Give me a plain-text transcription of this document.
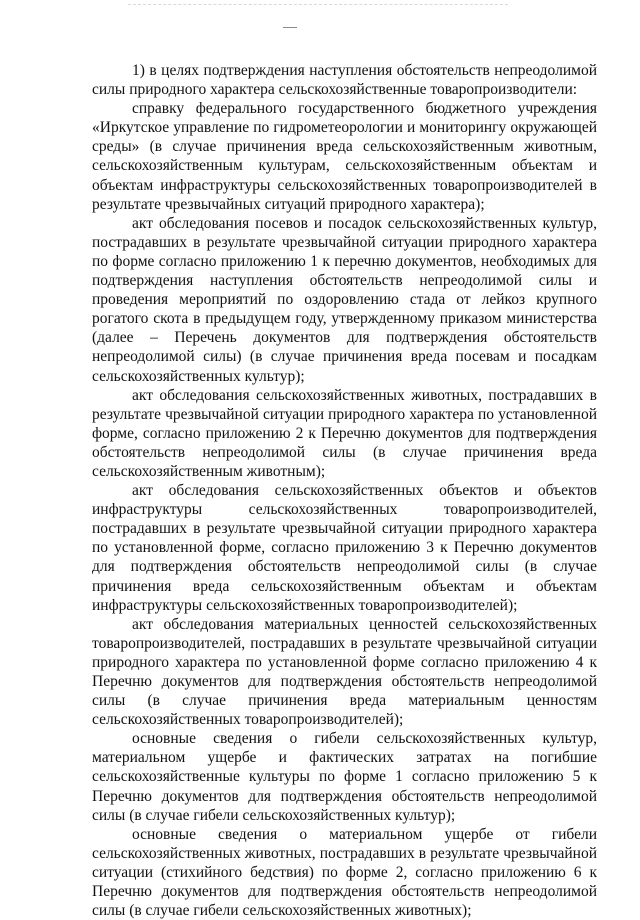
1) в целях подтверждения наступления обстоятельств непреодолимой силы природного характера сельскохозяйственные товаропроизводители:

справку федерального государственного бюджетного учреждения «Иркутское управление по гидрометеорологии и мониторингу окружающей среды» (в случае причинения вреда сельскохозяйственным животным, сельскохозяйственным культурам, сельскохозяйственным объектам и объектам инфраструктуры сельскохозяйственных товаропроизводителей в результате чрезвычайных ситуаций природного характера);

акт обследования посевов и посадок сельскохозяйственных культур, пострадавших в результате чрезвычайной ситуации природного характера по форме согласно приложению 1 к перечню документов, необходимых для подтверждения наступления обстоятельств непреодолимой силы и проведения мероприятий по оздоровлению стада от лейкоз крупного рогатого скота в предыдущем году, утвержденному приказом министерства (далее – Перечень документов для подтверждения обстоятельств непреодолимой силы) (в случае причинения вреда посевам и посадкам сельскохозяйственных культур);

акт обследования сельскохозяйственных животных, пострадавших в результате чрезвычайной ситуации природного характера по установленной форме, согласно приложению 2 к Перечню документов для подтверждения обстоятельств непреодолимой силы (в случае причинения вреда сельскохозяйственным животным);

акт обследования сельскохозяйственных объектов и объектов инфраструктуры сельскохозяйственных товаропроизводителей, пострадавших в результате чрезвычайной ситуации природного характера по установленной форме, согласно приложению 3 к Перечню документов для подтверждения обстоятельств непреодолимой силы (в случае причинения вреда сельскохозяйственным объектам и объектам инфраструктуры сельскохозяйственных товаропроизводителей);

акт обследования материальных ценностей сельскохозяйственных товаропроизводителей, пострадавших в результате чрезвычайной ситуации природного характера по установленной форме согласно приложению 4 к Перечню документов для подтверждения обстоятельств непреодолимой силы (в случае причинения вреда материальным ценностям сельскохозяйственных товаропроизводителей);

основные сведения о гибели сельскохозяйственных культур, материальном ущербе и фактических затратах на погибшие сельскохозяйственные культуры по форме 1 согласно приложению 5 к Перечню документов для подтверждения обстоятельств непреодолимой силы (в случае гибели сельскохозяйственных культур);

основные сведения о материальном ущербе от гибели сельскохозяйственных животных, пострадавших в результате чрезвычайной ситуации (стихийного бедствия) по форме 2, согласно приложению 6 к Перечню документов для подтверждения обстоятельств непреодолимой силы (в случае гибели сельскохозяйственных животных);
